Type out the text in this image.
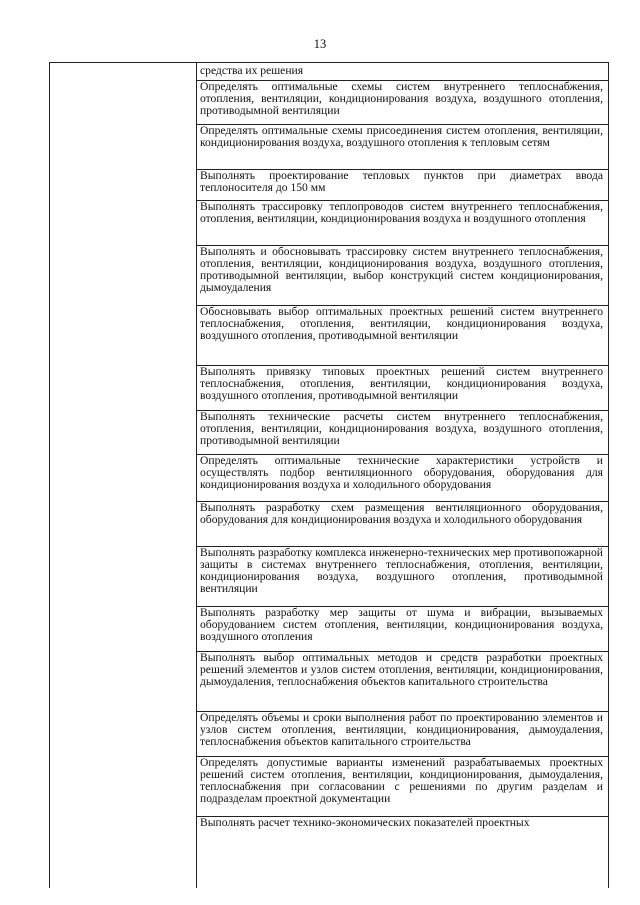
13
средства их решения
Определять оптимальные схемы систем внутреннего теплоснабжения, отопления, вентиляции, кондиционирования воздуха, воздушного отопления, противодымной вентиляции
Определять оптимальные схемы присоединения систем отопления, вентиляции, кондиционирования воздуха, воздушного отопления к тепловым сетям
Выполнять проектирование тепловых пунктов при диаметрах ввода теплоносителя до 150 мм
Выполнять трассировку теплопроводов систем внутреннего теплоснабжения, отопления, вентиляции, кондиционирования воздуха и воздушного отопления
Выполнять и обосновывать трассировку систем внутреннего теплоснабжения, отопления, вентиляции, кондиционирования воздуха, воздушного отопления, противодымной вентиляции, выбор конструкций систем кондиционирования, дымоудаления
Обосновывать выбор оптимальных проектных решений систем внутреннего теплоснабжения, отопления, вентиляции, кондиционирования воздуха, воздушного отопления, противодымной вентиляции
Выполнять привязку типовых проектных решений систем внутреннего теплоснабжения, отопления, вентиляции, кондиционирования воздуха, воздушного отопления, противодымной вентиляции
Выполнять технические расчеты систем внутреннего теплоснабжения, отопления, вентиляции, кондиционирования воздуха, воздушного отопления, противодымной вентиляции
Определять оптимальные технические характеристики устройств и осуществлять подбор вентиляционного оборудования, оборудования для кондиционирования воздуха и холодильного оборудования
Выполнять разработку схем размещения вентиляционного оборудования, оборудования для кондиционирования воздуха и холодильного оборудования
Выполнять разработку комплекса инженерно-технических мер противопожарной защиты в системах внутреннего теплоснабжения, отопления, вентиляции, кондиционирования воздуха, воздушного отопления, противодымной вентиляции
Выполнять разработку мер защиты от шума и вибрации, вызываемых оборудованием систем отопления, вентиляции, кондиционирования воздуха, воздушного отопления
Выполнять выбор оптимальных методов и средств разработки проектных решений элементов и узлов систем отопления, вентиляции, кондиционирования, дымоудаления, теплоснабжения объектов капитального строительства
Определять объемы и сроки выполнения работ по проектированию элементов и узлов систем отопления, вентиляции, кондиционирования, дымоудаления, теплоснабжения объектов капитального строительства
Определять допустимые варианты изменений разрабатываемых проектных решений систем отопления, вентиляции, кондиционирования, дымоудаления, теплоснабжения при согласовании с решениями по другим разделам и подразделам проектной документации
Выполнять расчет технико-экономических показателей проектных
